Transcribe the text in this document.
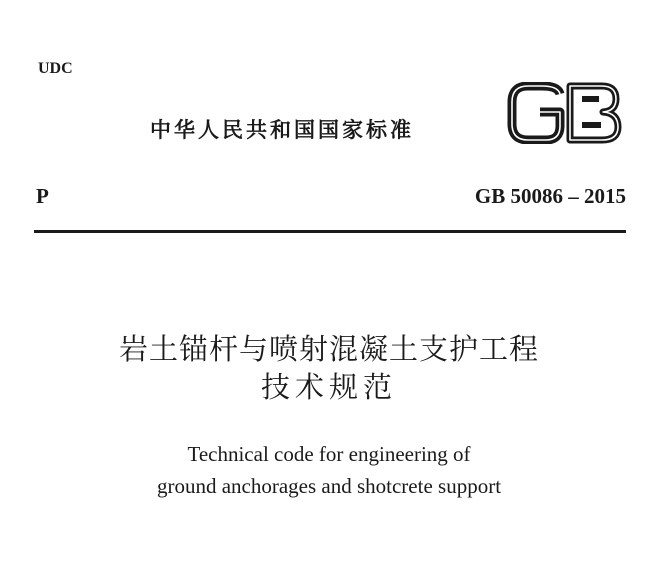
UDC
中华人民共和国国家标准
P	GB 50086 – 2015
岩土锚杆与喷射混凝土支护工程
技术规范
Technical code for engineering of
ground anchorages and shotcrete support
